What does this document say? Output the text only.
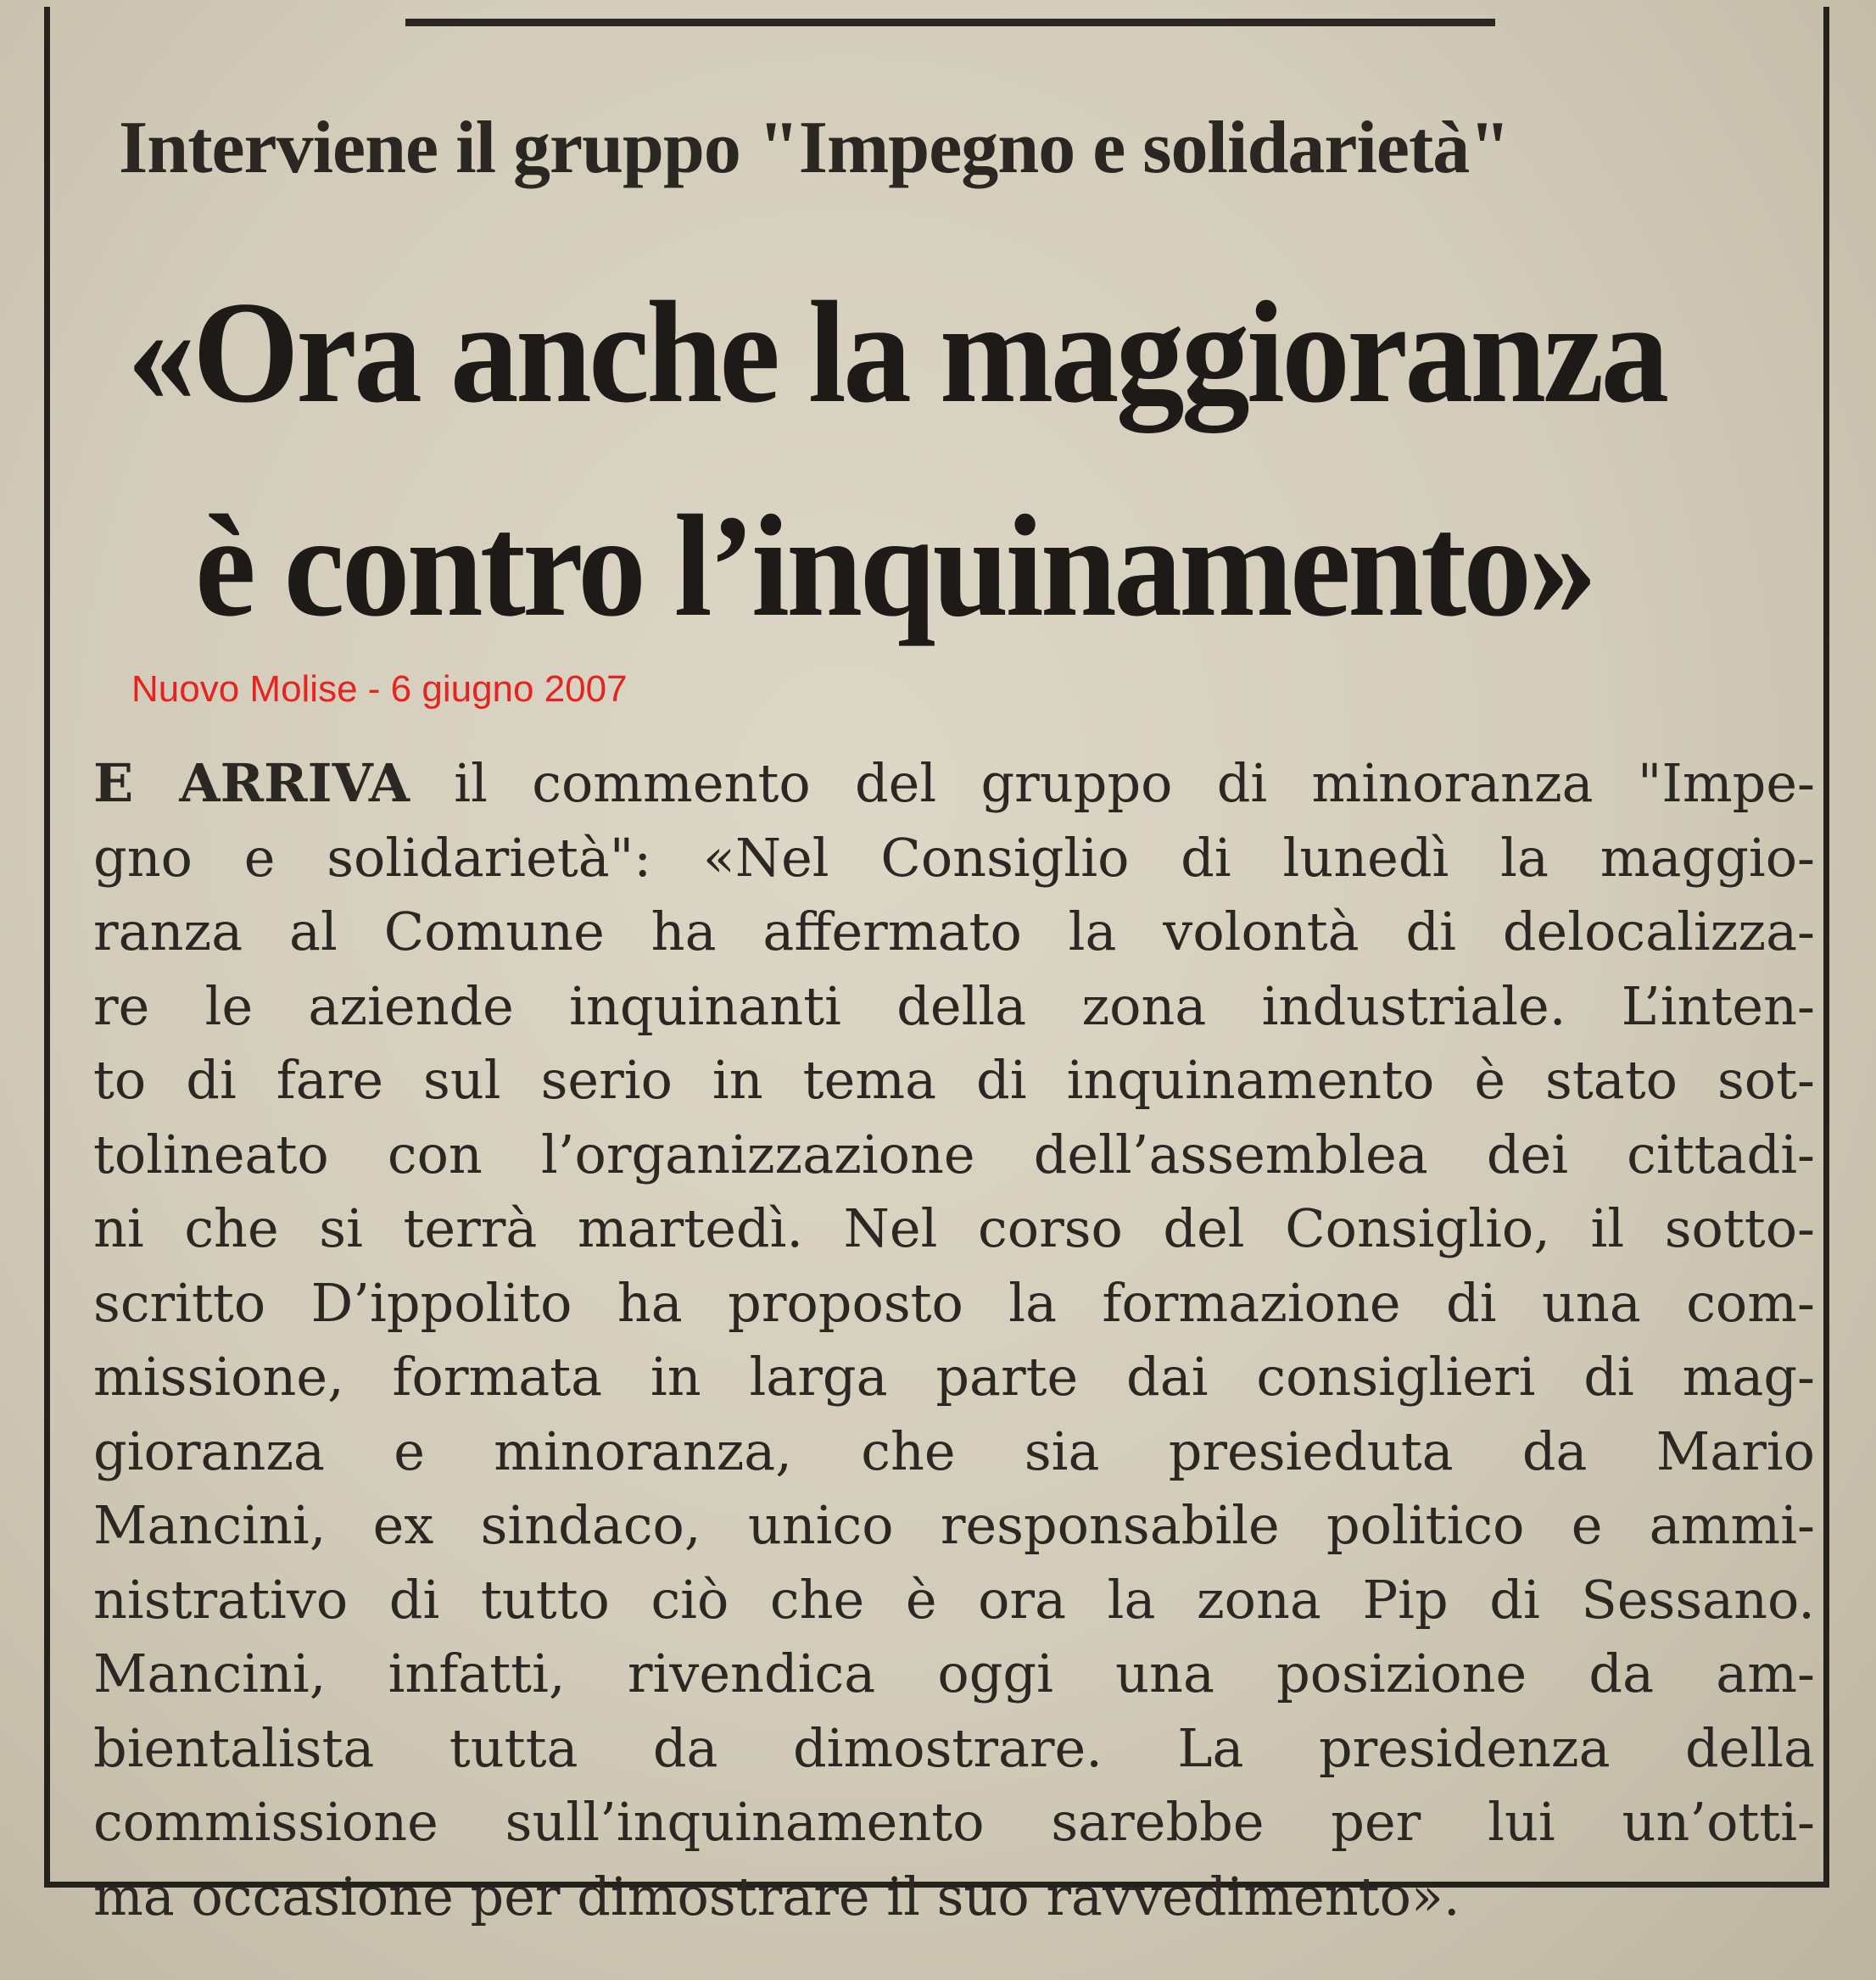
Interviene il gruppo "Impegno e solidarietà"
«Ora anche la maggioranza
è contro l’inquinamento»
Nuovo Molise - 6 giugno 2007
E ARRIVA il commento del gruppo di minoranza "Impe-
gno e solidarietà": «Nel Consiglio di lunedì la maggio-
ranza al Comune ha affermato la volontà di delocalizza-
re le aziende inquinanti della zona industriale. L’inten-
to di fare sul serio in tema di inquinamento è stato sot-
tolineato con l’organizzazione dell’assemblea dei cittadi-
ni che si terrà martedì. Nel corso del Consiglio, il sotto-
scritto D’ippolito ha proposto la formazione di una com-
missione, formata in larga parte dai consiglieri di mag-
gioranza e minoranza, che sia presieduta da Mario
Mancini, ex sindaco, unico responsabile politico e ammi-
nistrativo di tutto ciò che è ora la zona Pip di Sessano.
Mancini, infatti, rivendica oggi una posizione da am-
bientalista tutta da dimostrare. La presidenza della
commissione sull’inquinamento sarebbe per lui un’otti-
ma occasione per dimostrare il suo ravvedimento».
